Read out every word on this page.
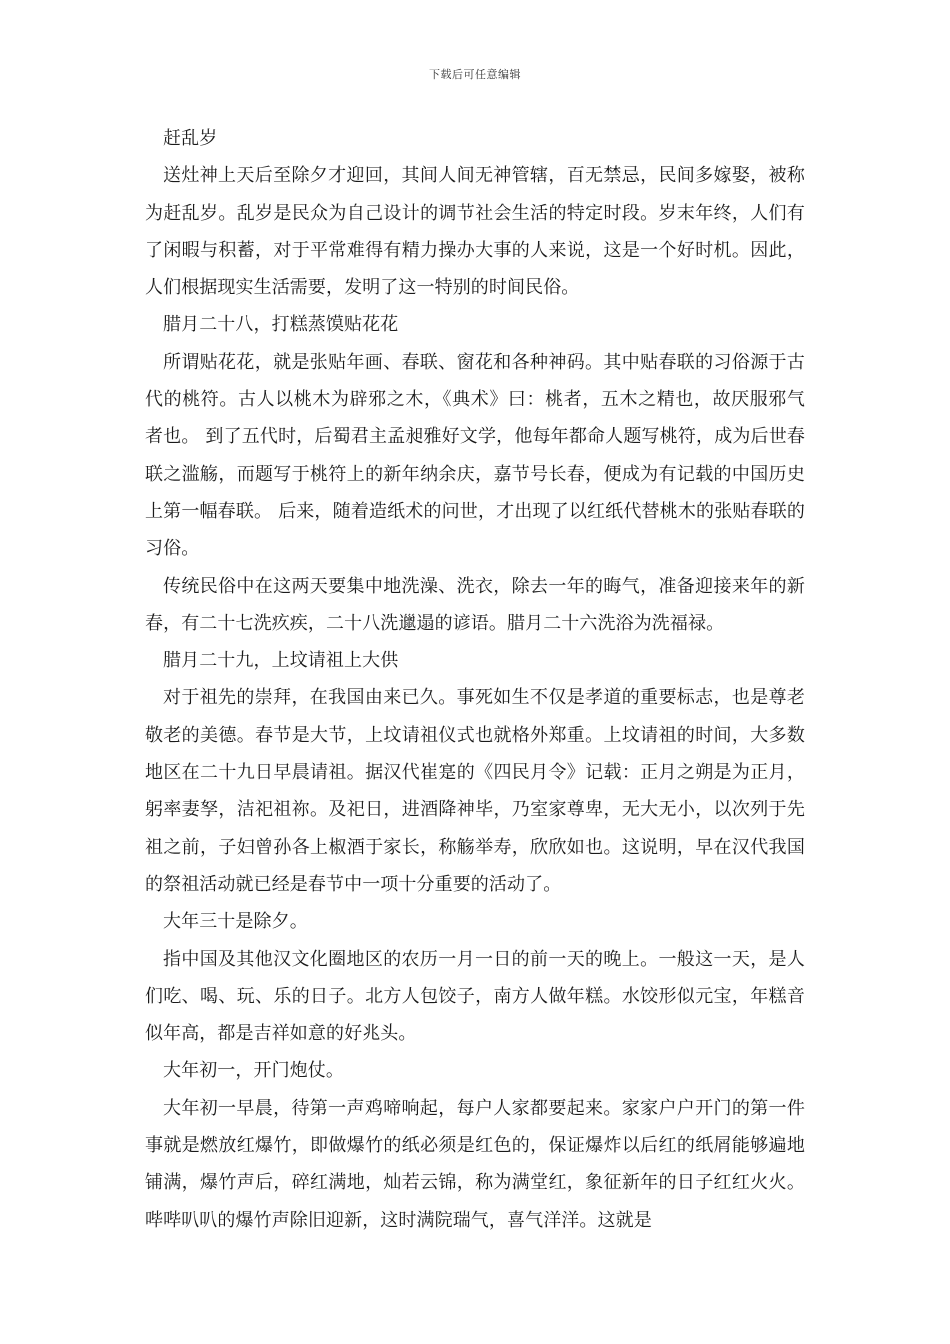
下载后可任意编辑

赶乱岁

送灶神上天后至除夕才迎回，其间人间无神管辖，百无禁忌，民间多嫁娶，被称为赶乱岁。乱岁是民众为自己设计的调节社会生活的特定时段。岁末年终，人们有了闲暇与积蓄，对于平常难得有精力操办大事的人来说，这是一个好时机。因此，人们根据现实生活需要，发明了这一特别的时间民俗。

腊月二十八，打糕蒸馍贴花花

所谓贴花花，就是张贴年画、春联、窗花和各种神码。其中贴春联的习俗源于古代的桃符。古人以桃木为辟邪之木，《典术》曰：桃者，五木之精也，故厌服邪气者也。 到了五代时，后蜀君主孟昶雅好文学，他每年都命人题写桃符，成为后世春联之滥觞，而题写于桃符上的新年纳余庆，嘉节号长春，便成为有记载的中国历史上第一幅春联。 后来，随着造纸术的问世，才出现了以红纸代替桃木的张贴春联的习俗。

传统民俗中在这两天要集中地洗澡、洗衣，除去一年的晦气，准备迎接来年的新春，有二十七洗疚疾，二十八洗邋遢的谚语。腊月二十六洗浴为洗福禄。

腊月二十九，上坟请祖上大供

对于祖先的崇拜，在我国由来已久。事死如生不仅是孝道的重要标志，也是尊老敬老的美德。春节是大节，上坟请祖仪式也就格外郑重。上坟请祖的时间，大多数地区在二十九日早晨请祖。据汉代崔寔的《四民月令》记载：正月之朔是为正月，躬率妻孥，洁祀祖祢。及祀日，进酒降神毕，乃室家尊卑，无大无小，以次列于先祖之前，子妇曾孙各上椒酒于家长，称觞举寿，欣欣如也。这说明，早在汉代我国的祭祖活动就已经是春节中一项十分重要的活动了。

大年三十是除夕。

指中国及其他汉文化圈地区的农历一月一日的前一天的晚上。一般这一天，是人们吃、喝、玩、乐的日子。北方人包饺子，南方人做年糕。水饺形似元宝，年糕音似年高，都是吉祥如意的好兆头。

大年初一，开门炮仗。

大年初一早晨，待第一声鸡啼响起，每户人家都要起来。家家户户开门的第一件事就是燃放红爆竹，即做爆竹的纸必须是红色的，保证爆炸以后红的纸屑能够遍地铺满，爆竹声后，碎红满地，灿若云锦，称为满堂红，象征新年的日子红红火火。哔哔叭叭的爆竹声除旧迎新，这时满院瑞气，喜气洋洋。这就是
